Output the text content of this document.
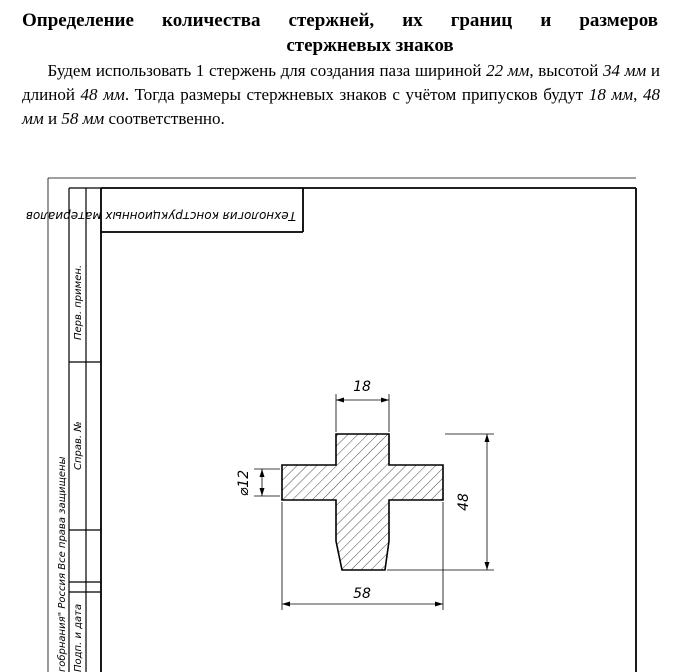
Определение количества стержней, их границ и размеров
стержневых знаков
  Будем использовать 1 стержень для создания паза шириной 22 мм, высотой 34 мм и длиной 48 мм. Тогда размеры стержневых знаков с учётом припусков будут 18 мм, 48 мм и 58 мм соответственно.
Перв. примен.
Справ. №
гобрнания" Россия Все права защищены Подп. и дата
Технология конструкционных материалов
18
⌀12
48
58
